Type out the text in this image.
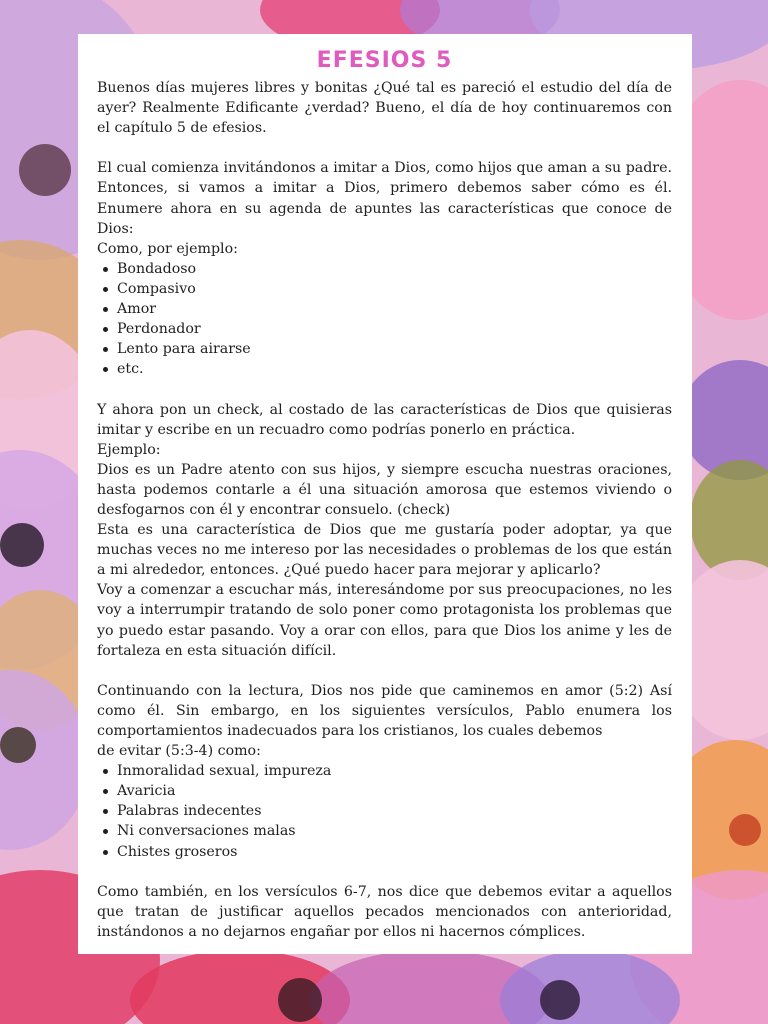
EFESIOS 5

Buenos días mujeres libres y bonitas ¿Qué tal es pareció el estudio del día de ayer? Realmente Edificante ¿verdad? Bueno, el día de hoy continuaremos con el capítulo 5 de efesios.

El cual comienza invitándonos a imitar a Dios, como hijos que aman a su padre. Entonces, si vamos a imitar a Dios, primero debemos saber cómo es él. Enumere ahora en su agenda de apuntes las características que conoce de Dios:

Como, por ejemplo:

Bondadoso
Compasivo
Amor
Perdonador
Lento para airarse
etc.

Y ahora pon un check, al costado de las características de Dios que quisieras imitar y escribe en un recuadro como podrías ponerlo en práctica.

Ejemplo:

Dios es un Padre atento con sus hijos, y siempre escucha nuestras oraciones, hasta podemos contarle a él una situación amorosa que estemos viviendo o desfogarnos con él y encontrar consuelo. (check)

Esta es una característica de Dios que me gustaría poder adoptar, ya que muchas veces no me intereso por las necesidades o problemas de los que están a mi alrededor, entonces. ¿Qué puedo hacer para mejorar y aplicarlo?

Voy a comenzar a escuchar más, interesándome por sus preocupaciones, no les voy a interrumpir tratando de solo poner como protagonista los problemas que yo puedo estar pasando. Voy a orar con ellos, para que Dios los anime y les de fortaleza en esta situación difícil.

Continuando con la lectura, Dios nos pide que caminemos en amor (5:2) Así como él. Sin embargo, en los siguientes versículos, Pablo enumera los comportamientos inadecuados para los cristianos, los cuales debemos

de evitar (5:3-4) como:

Inmoralidad sexual, impureza
Avaricia
Palabras indecentes
Ni conversaciones malas
Chistes groseros

Como también, en los versículos 6-7, nos dice que debemos evitar a aquellos que tratan de justificar aquellos pecados mencionados con anterioridad, instándonos a no dejarnos engañar por ellos ni hacernos cómplices.
